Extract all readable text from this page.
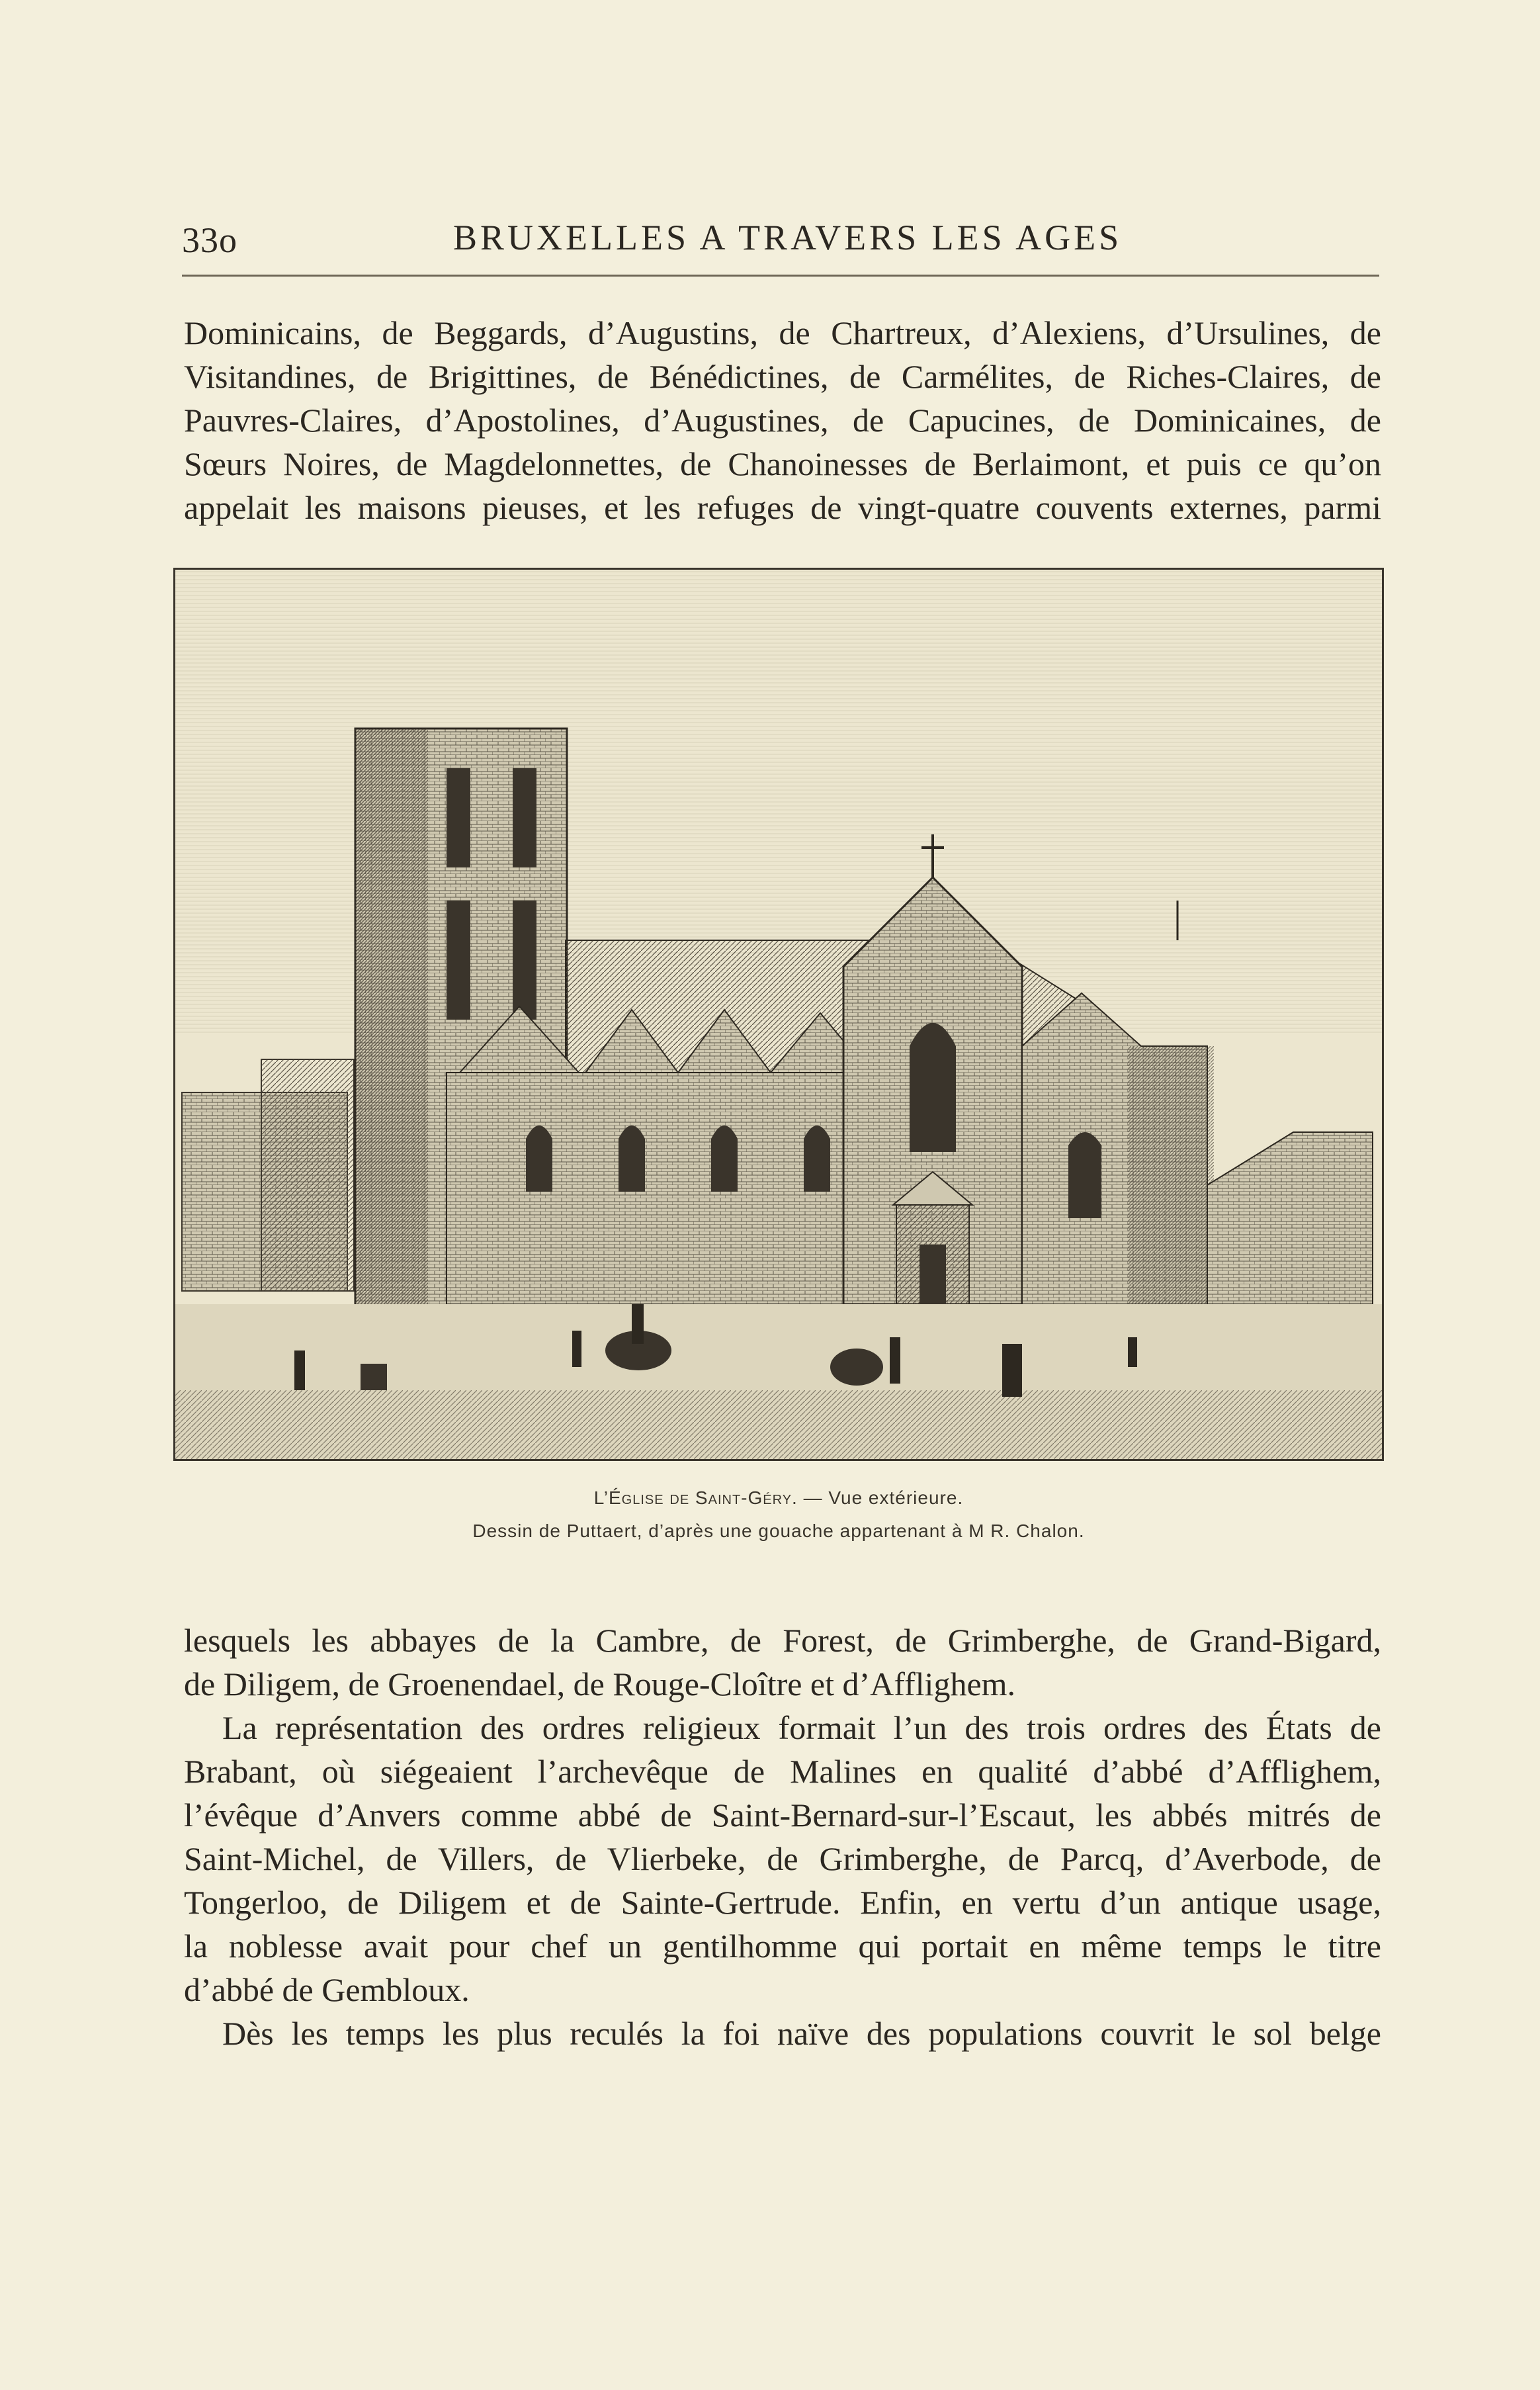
33o	BRUXELLES A TRAVERS LES AGES
Dominicains, de Beggards, d’Augustins, de Chartreux, d’Alexiens, d’Ursulines, de
Visitandines, de Brigittines, de Bénédictines, de Carmélites, de Riches-Claires, de
Pauvres-Claires, d’Apostolines, d’Augustines, de Capucines, de Dominicaines, de
Sœurs Noires, de Magdelonnettes, de Chanoinesses de Berlaimont, et puis ce qu’on
appelait les maisons pieuses, et les refuges de vingt-quatre couvents externes, parmi
L’Église de Saint-Géry. — Vue extérieure.
Dessin de Puttaert, d’après une gouache appartenant à M R. Chalon.
lesquels les abbayes de la Cambre, de Forest, de Grimberghe, de Grand-Bigard,
de Diligem, de Groenendael, de Rouge-Cloître et d’Afflighem.
La représentation des ordres religieux formait l’un des trois ordres des États de
Brabant, où siégeaient l’archevêque de Malines en qualité d’abbé d’Afflighem,
l’évêque d’Anvers comme abbé de Saint-Bernard-sur-l’Escaut, les abbés mitrés de
Saint-Michel, de Villers, de Vlierbeke, de Grimberghe, de Parcq, d’Averbode, de
Tongerloo, de Diligem et de Sainte-Gertrude. Enfin, en vertu d’un antique usage,
la noblesse avait pour chef un gentilhomme qui portait en même temps le titre
d’abbé de Gembloux.
Dès les temps les plus reculés la foi naïve des populations couvrit le sol belge
